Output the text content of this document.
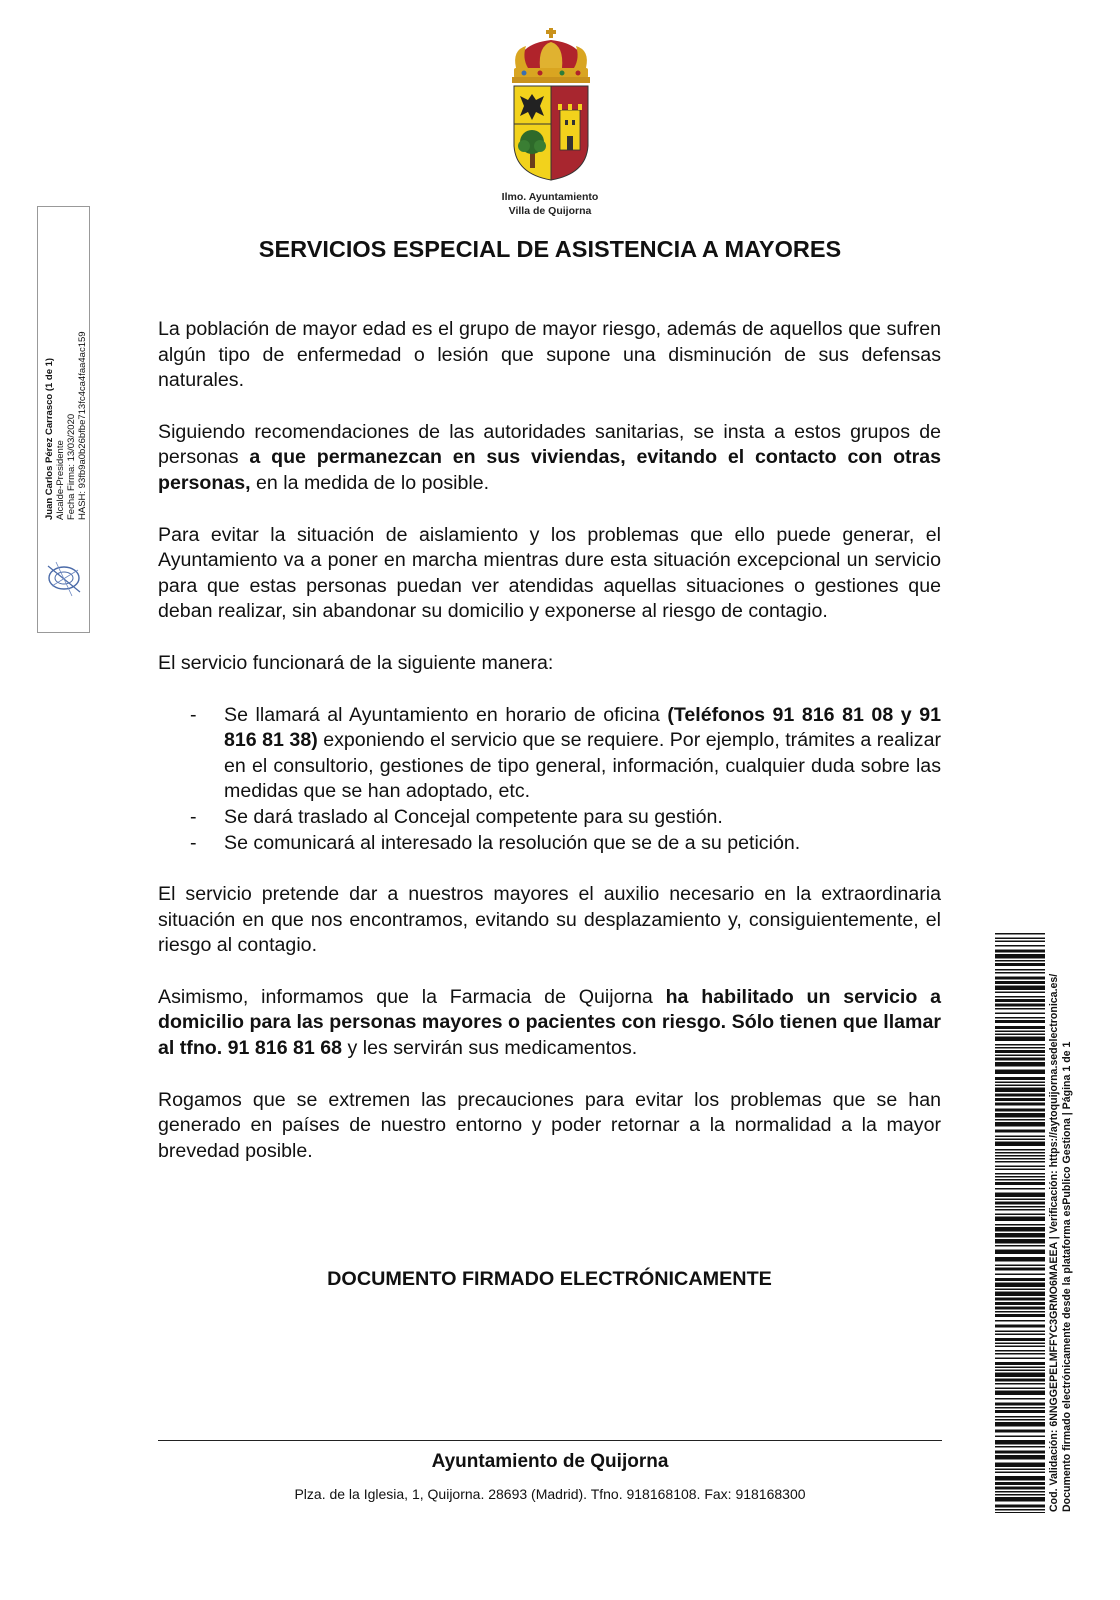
Ilmo. Ayuntamiento
Villa de Quijorna
Juan Carlos Pérez Carrasco (1 de 1) Alcalde-Presidente Fecha Firma: 13/03/2020 HASH: 93fb9a0b26bfbe713fc4ca4faa4ac159
SERVICIOS ESPECIAL DE ASISTENCIA A MAYORES

La población de mayor edad es el grupo de mayor riesgo, además de aquellos que sufren algún tipo de enfermedad o lesión que supone una disminución de sus defensas naturales.

Siguiendo recomendaciones de las autoridades sanitarias, se insta a estos grupos de personas a que permanezcan en sus viviendas, evitando el contacto con otras personas, en la medida de lo posible.

Para evitar la situación de aislamiento y los problemas que ello puede generar, el Ayuntamiento va a poner en marcha mientras dure esta situación excepcional un servicio para que estas personas puedan ver atendidas aquellas situaciones o gestiones que deban realizar, sin abandonar su domicilio y exponerse al riesgo de contagio.

El servicio funcionará de la siguiente manera:

- Se llamará al Ayuntamiento en horario de oficina (Teléfonos 91 816 81 08 y 91 816 81 38) exponiendo el servicio que se requiere. Por ejemplo, trámites a realizar en el consultorio, gestiones de tipo general, información, cualquier duda sobre las medidas que se han adoptado, etc.
- Se dará traslado al Concejal competente para su gestión.
- Se comunicará al interesado la resolución que se de a su petición.

El servicio pretende dar a nuestros mayores el auxilio necesario en la extraordinaria situación en que nos encontramos, evitando su desplazamiento y, consiguientemente, el riesgo al contagio.

Asimismo, informamos que la Farmacia de Quijorna ha habilitado un servicio a domicilio para las personas mayores o pacientes con riesgo. Sólo tienen que llamar al tfno. 91 816 81 68 y les servirán sus medicamentos.

Rogamos que se extremen las precauciones para evitar los problemas que se han generado en países de nuestro entorno y poder retornar a la normalidad a la mayor brevedad posible.

DOCUMENTO FIRMADO ELECTRÓNICAMENTE
Ayuntamiento de Quijorna
Plza. de la Iglesia, 1, Quijorna. 28693 (Madrid). Tfno. 918168108. Fax: 918168300	Cod. Validación: 6NNGGEPELMFFYC3GRMO6MAEEA | Verificación: https://aytoquijorna.sedelectronica.es/ Documento firmado electrónicamente desde la plataforma esPublico Gestiona | Página 1 de 1
